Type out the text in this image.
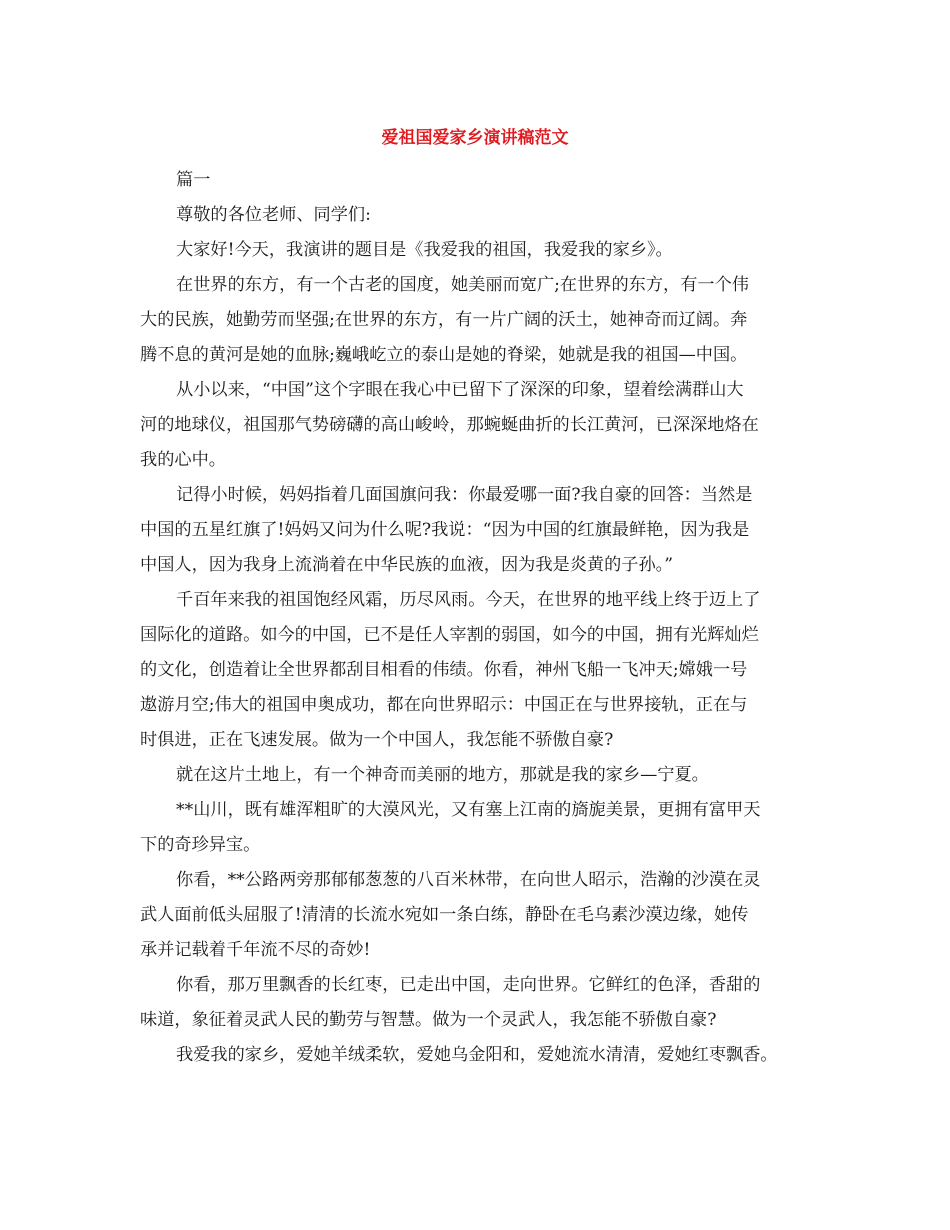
爱祖国爱家乡演讲稿范文
篇一
尊敬的各位老师、同学们:
大家好!今天，我演讲的题目是《我爱我的祖国，我爱我的家乡》。
在世界的东方，有一个古老的国度，她美丽而宽广;在世界的东方，有一个伟
大的民族，她勤劳而坚强;在世界的东方，有一片广阔的沃土，她神奇而辽阔。奔
腾不息的黄河是她的血脉;巍峨屹立的泰山是她的脊梁，她就是我的祖国—中国。
从小以来，“中国”这个字眼在我心中已留下了深深的印象，望着绘满群山大
河的地球仪，祖国那气势磅礴的高山峻岭，那蜿蜒曲折的长江黄河，已深深地烙在
我的心中。
记得小时候，妈妈指着几面国旗问我：你最爱哪一面?我自豪的回答：当然是
中国的五星红旗了!妈妈又问为什么呢?我说：“因为中国的红旗最鲜艳，因为我是
中国人，因为我身上流淌着在中华民族的血液，因为我是炎黄的子孙。”
千百年来我的祖国饱经风霜，历尽风雨。今天，在世界的地平线上终于迈上了
国际化的道路。如今的中国，已不是任人宰割的弱国，如今的中国，拥有光辉灿烂
的文化，创造着让全世界都刮目相看的伟绩。你看，神州飞船一飞冲天;嫦娥一号
遨游月空;伟大的祖国申奥成功，都在向世界昭示：中国正在与世界接轨，正在与
时俱进，正在飞速发展。做为一个中国人，我怎能不骄傲自豪?
就在这片土地上，有一个神奇而美丽的地方，那就是我的家乡—宁夏。
**山川，既有雄浑粗旷的大漠风光，又有塞上江南的旖旎美景，更拥有富甲天
下的奇珍异宝。
你看，**公路两旁那郁郁葱葱的八百米林带，在向世人昭示，浩瀚的沙漠在灵
武人面前低头屈服了!清清的长流水宛如一条白练，静卧在毛乌素沙漠边缘，她传
承并记载着千年流不尽的奇妙!
你看，那万里飘香的长红枣，已走出中国，走向世界。它鲜红的色泽，香甜的
味道，象征着灵武人民的勤劳与智慧。做为一个灵武人，我怎能不骄傲自豪?
我爱我的家乡，爱她羊绒柔软，爱她乌金阳和，爱她流水清清，爱她红枣飘香。
